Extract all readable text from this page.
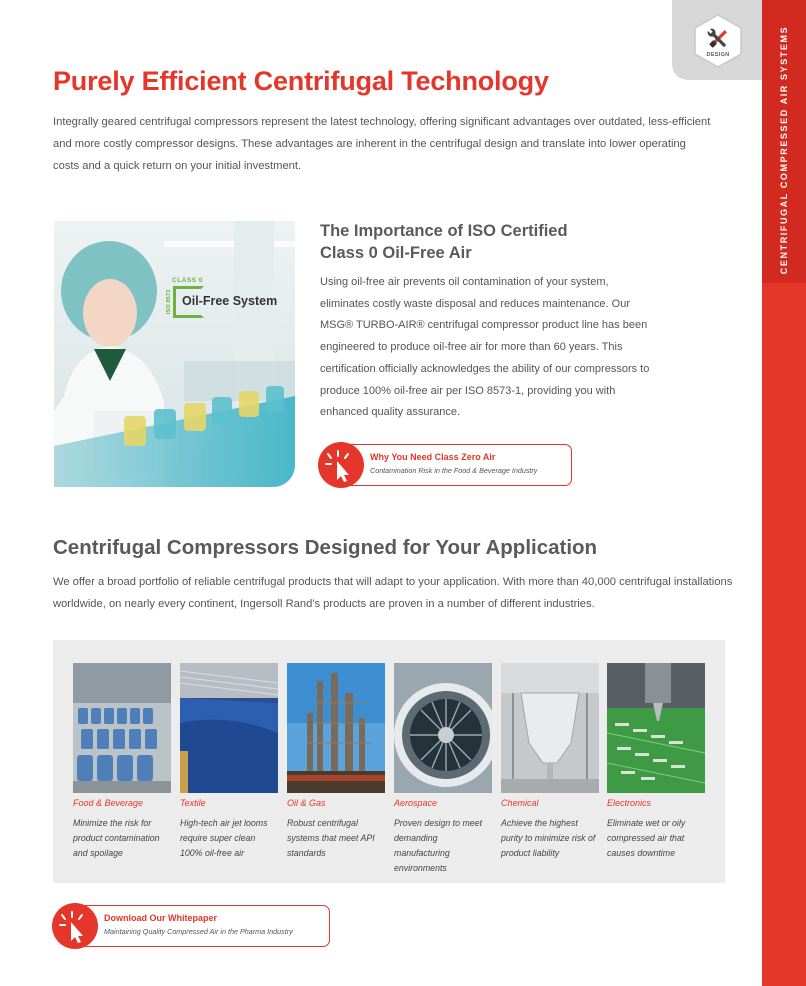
CENTRIFUGAL COMPRESSED AIR SYSTEMS
DESIGN
Purely Efficient Centrifugal Technology

Integrally geared centrifugal compressors represent the latest technology, offering significant advantages over outdated, less-efficient and more costly compressor designs. These advantages are inherent in the centrifugal design and translate into lower operating costs and a quick return on your initial investment.

CLASS 0
ISO 8573 Oil-Free System
The Importance of ISO Certified
Class 0 Oil-Free Air

Using oil-free air prevents oil contamination of your system, eliminates costly waste disposal and reduces maintenance. Our MSG® TURBO-AIR® centrifugal compressor product line has been engineered to produce oil-free air for more than 60 years. This certification officially acknowledges the ability of our compressors to produce 100% oil-free air per ISO 8573-1, providing you with enhanced quality assurance.

Why You Need Class Zero Air
Contamination Risk in the Food & Beverage Industry
Centrifugal Compressors Designed for Your Application

We offer a broad portfolio of reliable centrifugal products that will adapt to your application. With more than 40,000 centrifugal installations worldwide, on nearly every continent, Ingersoll Rand's products are proven in a number of different industries.

Food & Beverage
Minimize the risk for product contamination and spoilage
Textile
High-tech air jet looms require super clean 100% oil-free air
Oil & Gas
Robust centrifugal systems that meet API standards
Aerospace
Proven design to meet demanding manufacturing environments
Chemical
Achieve the highest purity to minimize risk of product liability
Electronics
Eliminate wet or oily compressed air that causes downtime
Download Our Whitepaper
Maintaining Quality Compressed Air in the Pharma Industry
